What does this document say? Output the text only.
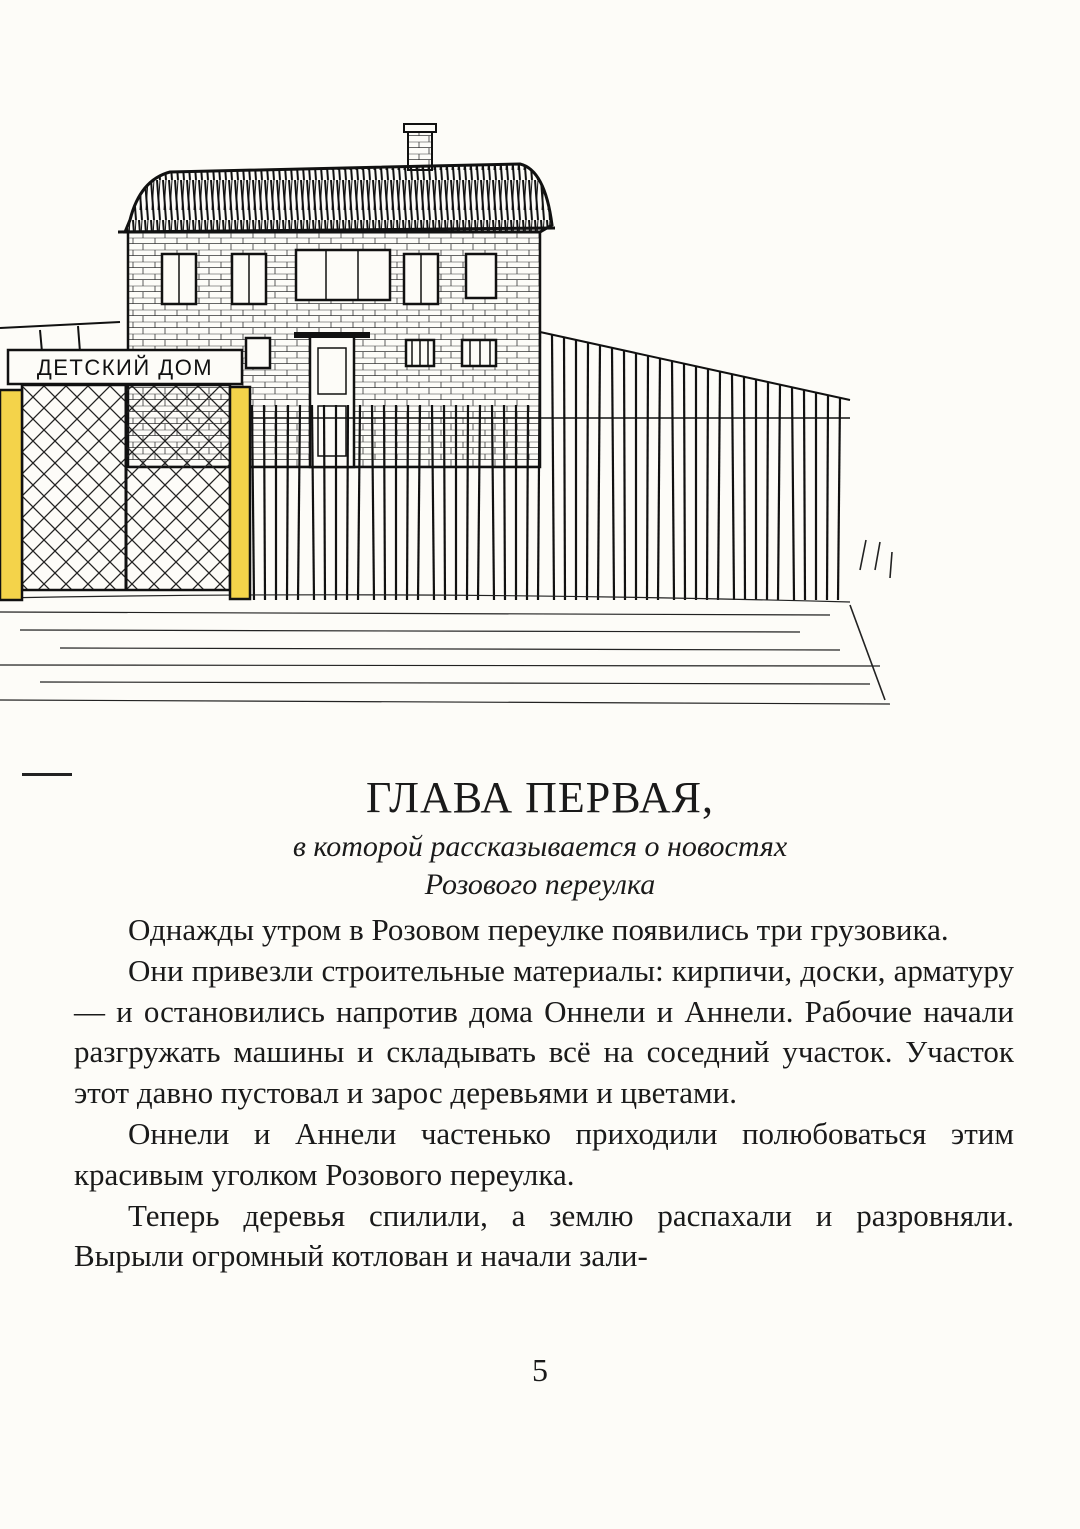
ДЕТСКИЙ ДОМ
ГЛАВА ПЕРВАЯ,
в которой рассказывается о новостях
Розового переулка

Однажды утром в Розовом переулке появились три грузовика.

Они привезли строительные материалы: кирпичи, доски, арматуру — и остановились напротив дома Оннели и Аннели. Рабочие начали разгружать машины и складывать всё на соседний участок. Участок этот давно пустовал и зарос деревьями и цветами.

Оннели и Аннели частенько приходили полюбоваться этим красивым уголком Розового переулка.

Теперь деревья спилили, а землю распахали и разровняли. Вырыли огромный котлован и начали зали-

5
